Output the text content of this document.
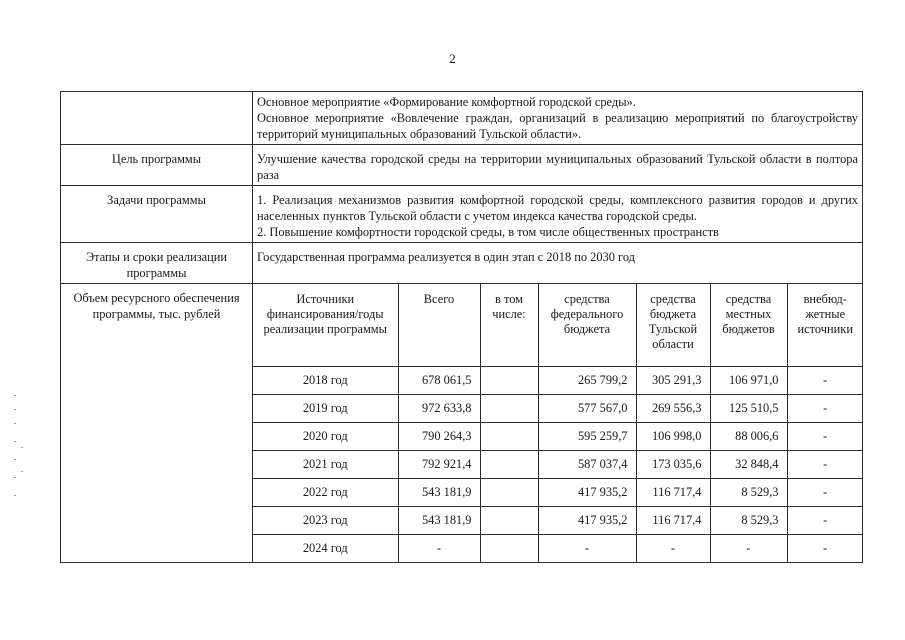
2

Основное мероприятие «Формирование комфортной городской среды».
Основное мероприятие «Вовлечение граждан, организаций в реализацию мероприятий по благоустройству территорий муниципальных образований Тульской области».

Цель программы	Улучшение качества городской среды на территории муниципальных образований Тульской области в полтора раза
Задачи программы	1. Реализация механизмов развития комфортной городской среды, комплексного развития городов и других населенных пунктов Тульской области с учетом индекса качества городской среды.
2. Повышение комфортности городской среды, в том числе общественных пространств

Этапы и сроки реализации программы	Государственная программа реализуется в один этап с 2018 по 2030 год
Объем ресурсного обеспечения программы, тыс. рублей	
Источники финансирования/годы реализации программы	Всего	в том числе:	средства федерального бюджета	средства бюджета Тульской области	средства местных бюджетов	внебюд-жетные источники
2018 год	678 061,5		265 799,2	305 291,3	106 971,0	-
2019 год	972 633,8		577 567,0	269 556,3	125 510,5	-
2020 год	790 264,3		595 259,7	106 998,0	88 006,6	-
2021 год	792 921,4		587 037,4	173 035,6	32 848,4	-
2022 год	543 181,9		417 935,2	116 717,4	8 529,3	-
2023 год	543 181,9		417 935,2	116 717,4	8 529,3	-
2024 год	-		-	-	-	-
